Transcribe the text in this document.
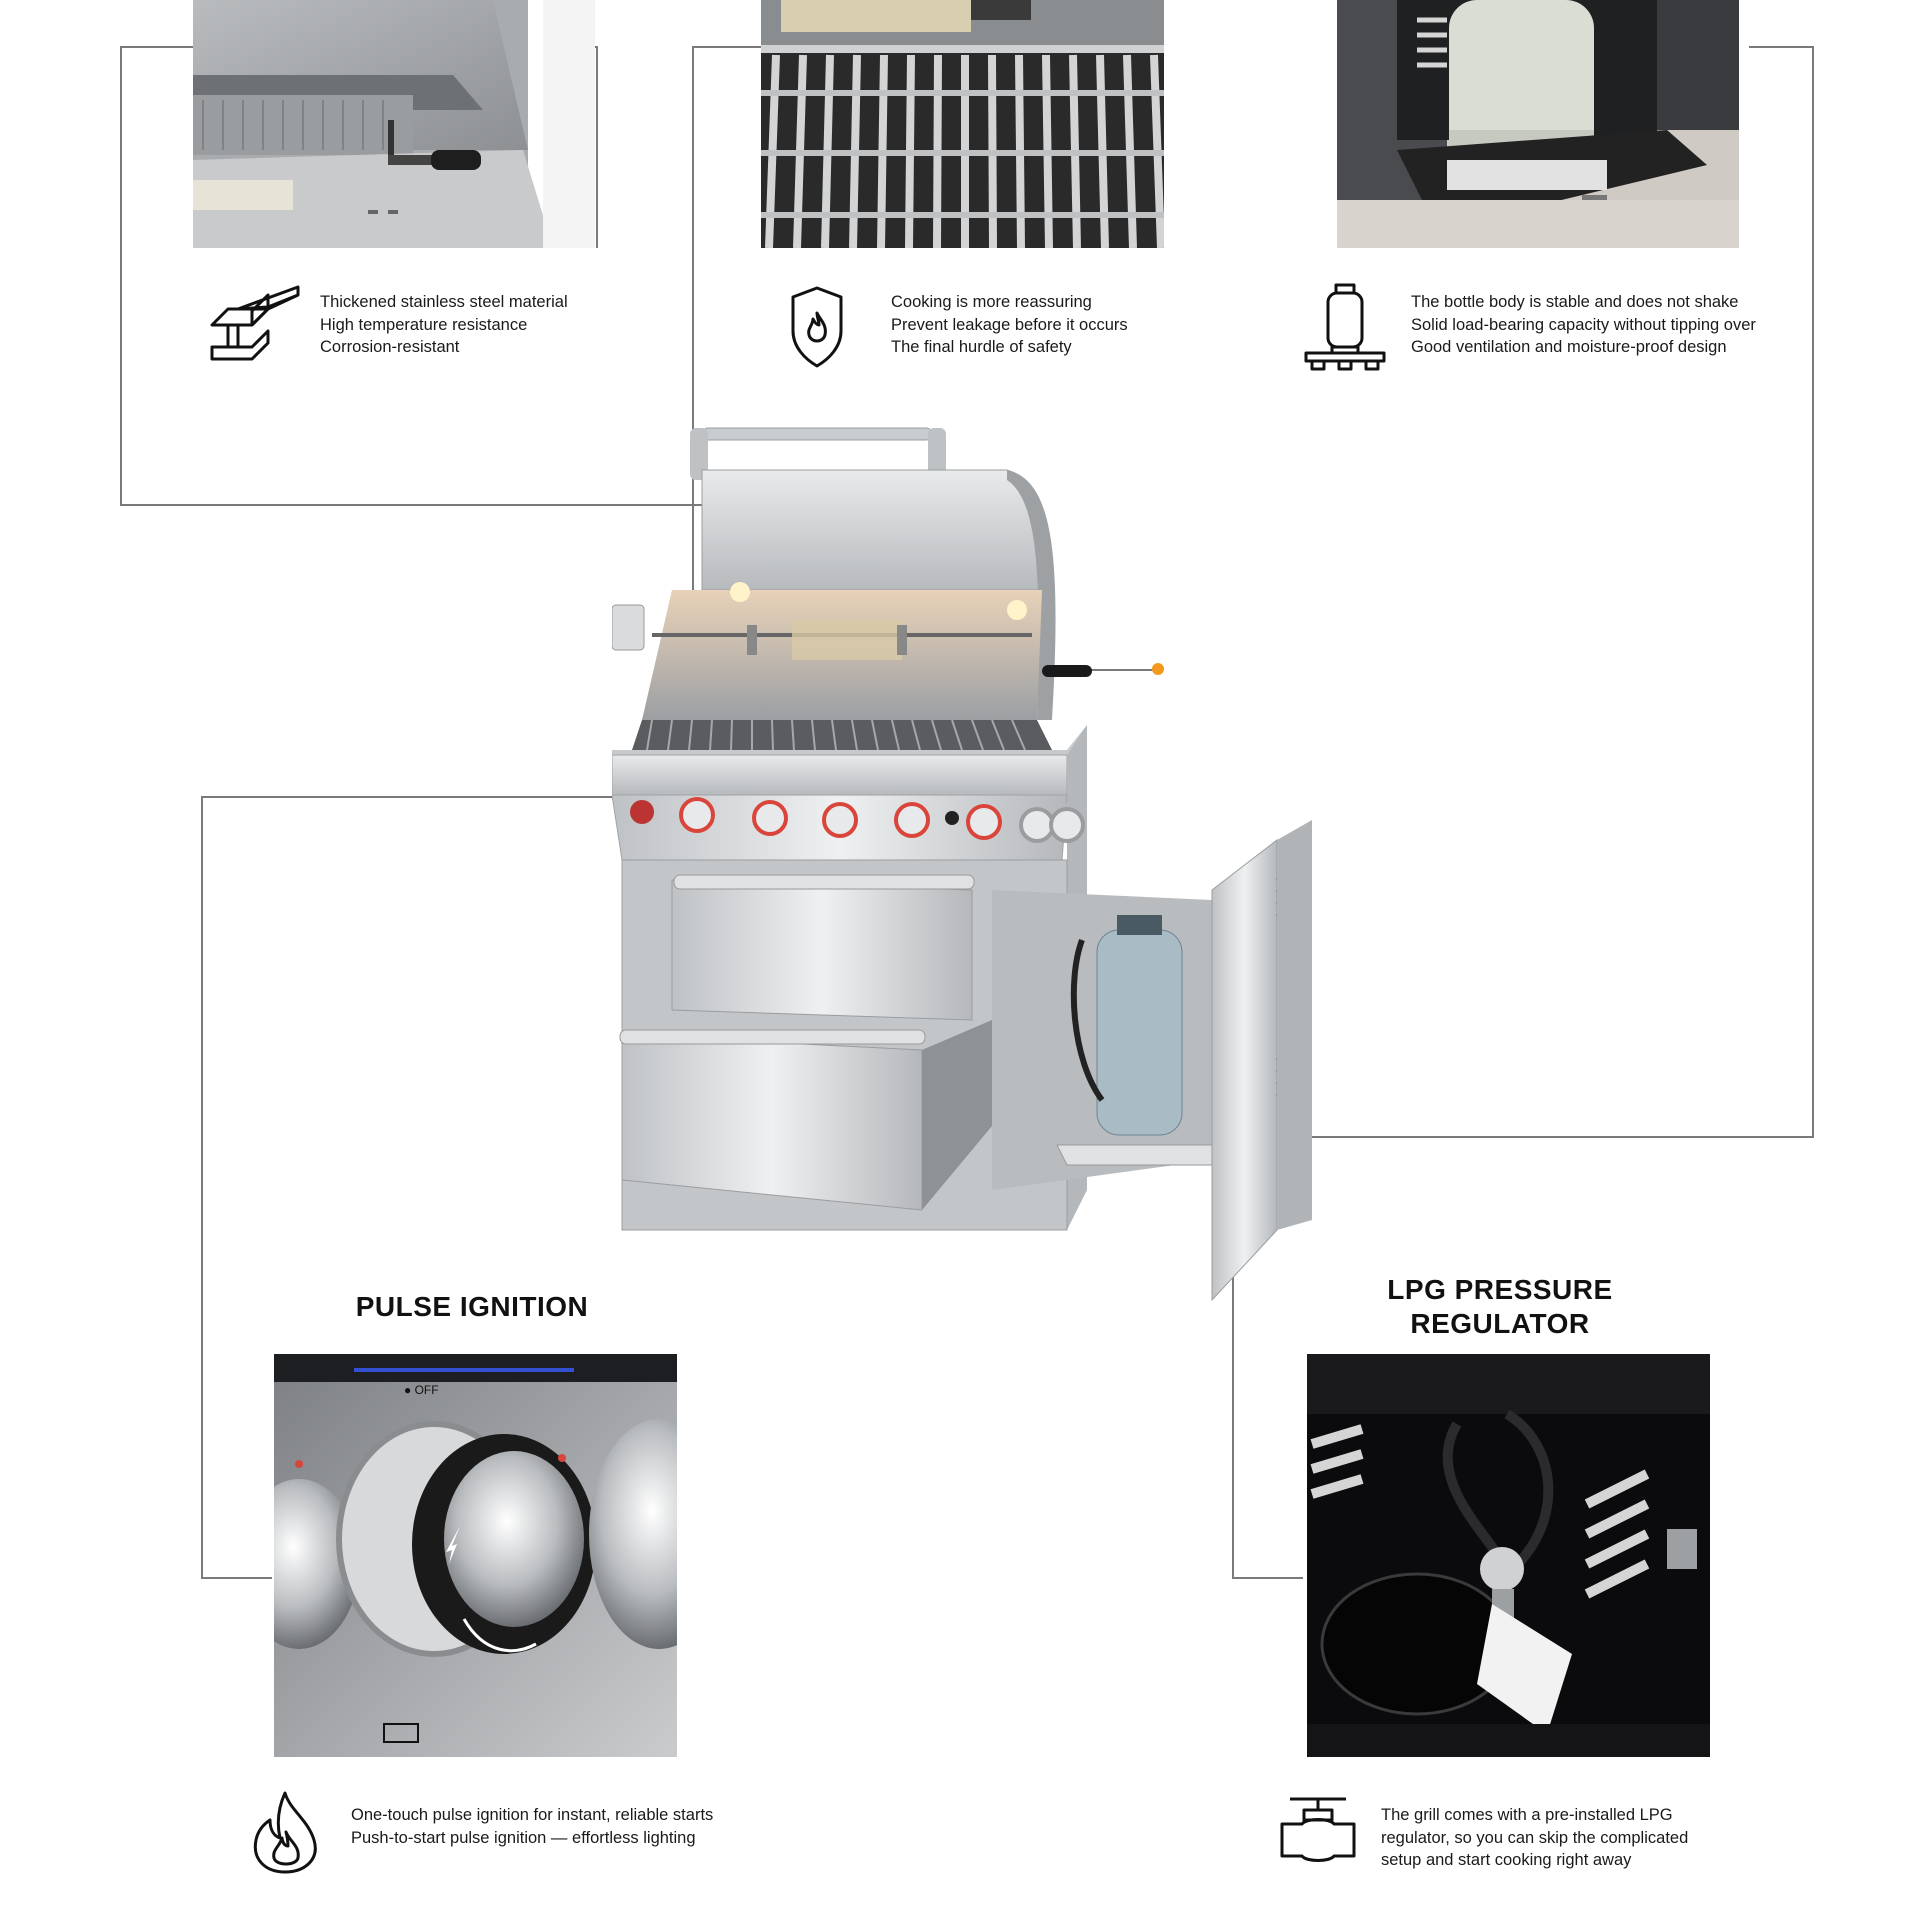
Thickened stainless steel material
High temperature resistance
Corrosion-resistant
Cooking is more reassuring
Prevent leakage before it occurs
The final hurdle of safety
The bottle body is stable and does not shake
Solid load-bearing capacity without tipping over
Good ventilation and moisture-proof design
PULSE IGNITION
● OFF
One-touch pulse ignition for instant, reliable starts
Push-to-start pulse ignition — effortless lighting
LPG PRESSURE
REGULATOR
The grill comes with a pre-installed LPG
regulator, so you can skip the complicated
setup and start cooking right away
